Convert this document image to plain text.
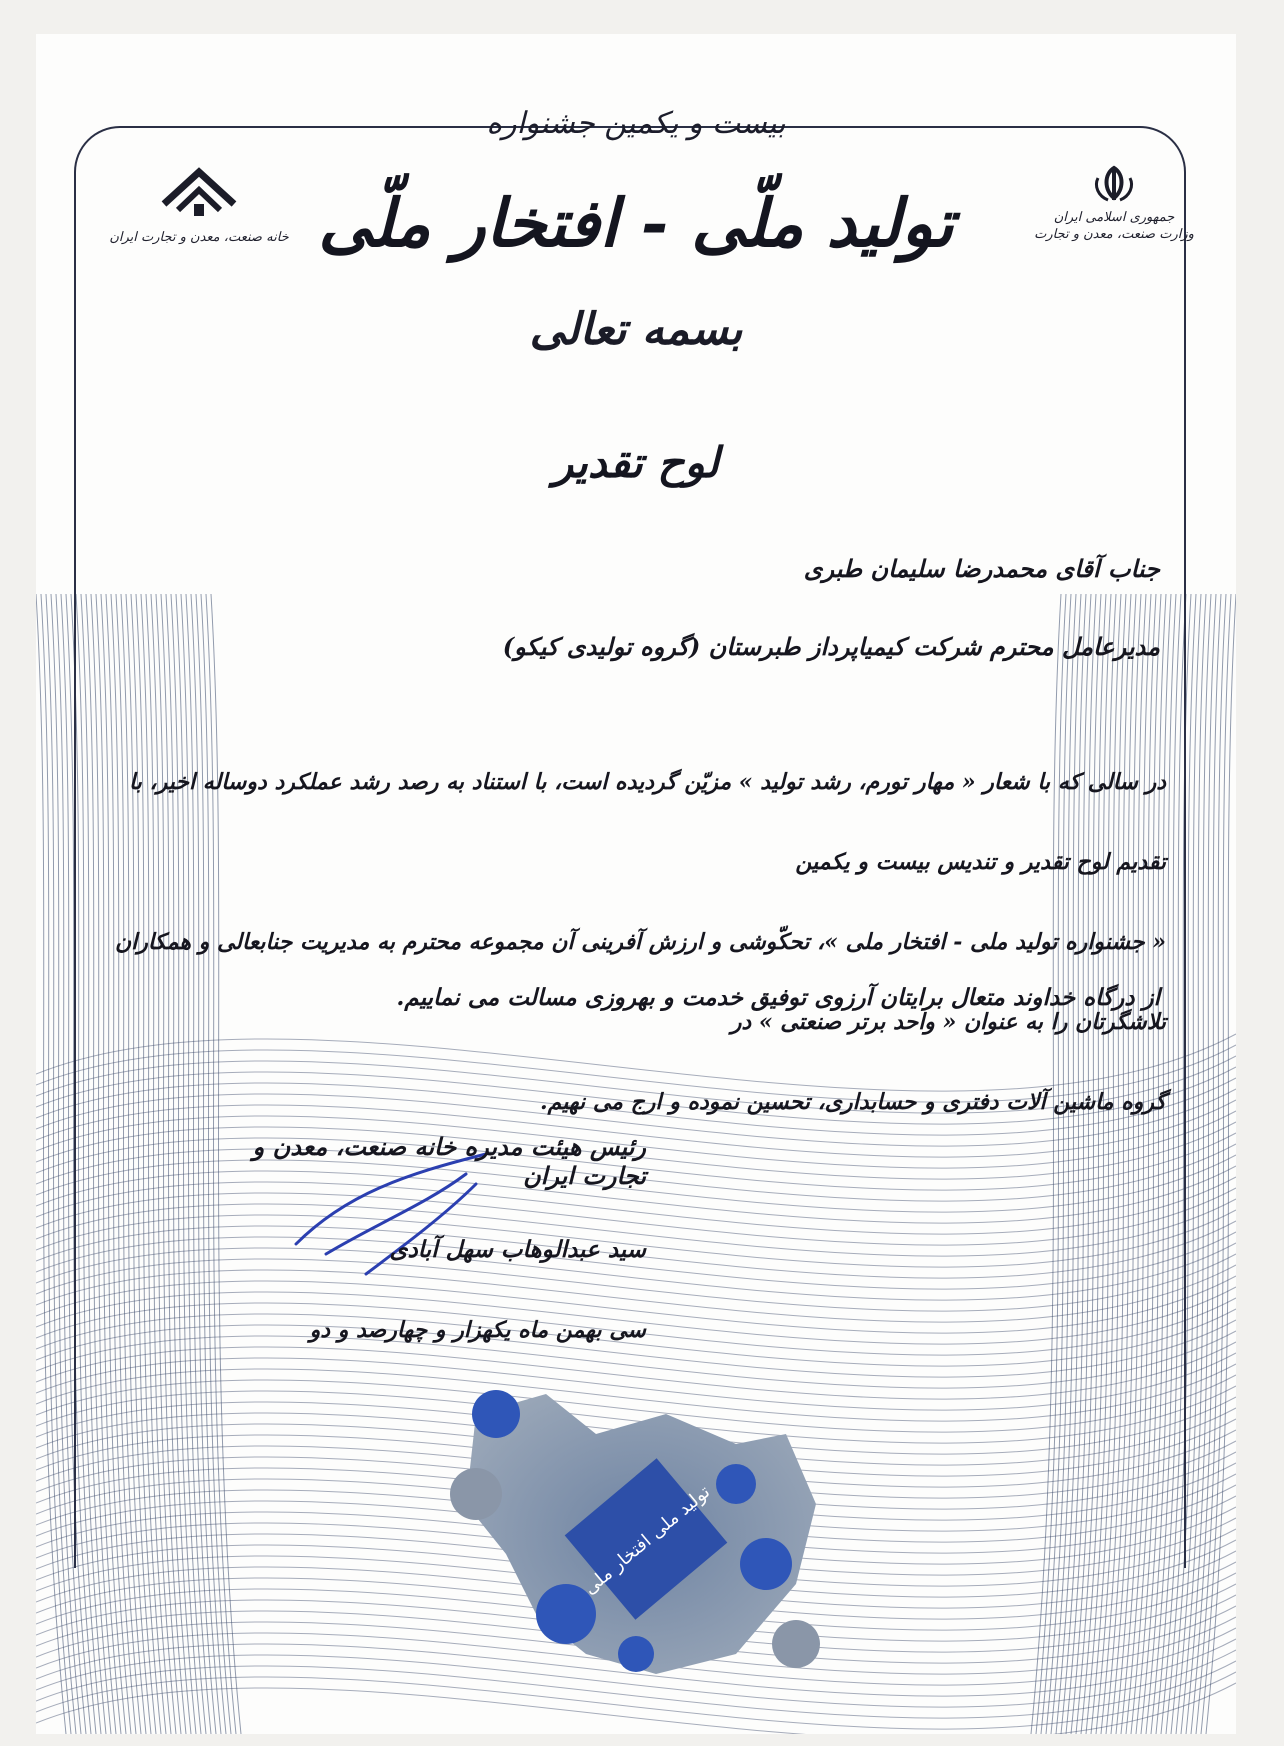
خانه صنعت، معدن و تجارت ایران
جمهوری اسلامی ایران
وزارت صنعت، معدن و تجارت
بیست و یکمین جشنواره
تولید ملّی - افتخار ملّی
بسمه تعالی
لوح تقدیر
جناب آقای محمدرضا سلیمان طبری
مدیرعامل محترم شرکت کیمیاپرداز طبرستان (گروه تولیدی کیکو)

در سالی که با شعار « مهار تورم، رشد تولید » مزیّن گردیده است، با استناد به رصد رشد عملکرد دوساله اخیر، با تقدیم لوح تقدیر و تندیس بیست و یکمین

« جشنواره تولید ملی - افتخار ملی »، تحکّوشی و ارزش آفرینی آن مجموعه محترم به مدیریت جنابعالی و همکاران تلاشگرتان را به عنوان « واحد برتر صنعتی » در

گروه ماشین آلات دفتری و حسابداری، تحسین نموده و ارج می نهیم.

از درگاه خداوند متعال برایتان آرزوی توفیق خدمت و بهروزی مسالت می نماییم.
رئیس هیئت مدیره خانه صنعت، معدن و تجارت ایران
سید عبدالوهاب سهل آبادی
سی بهمن ماه یکهزار و چهارصد و دو
تولید ملی افتخار ملی
